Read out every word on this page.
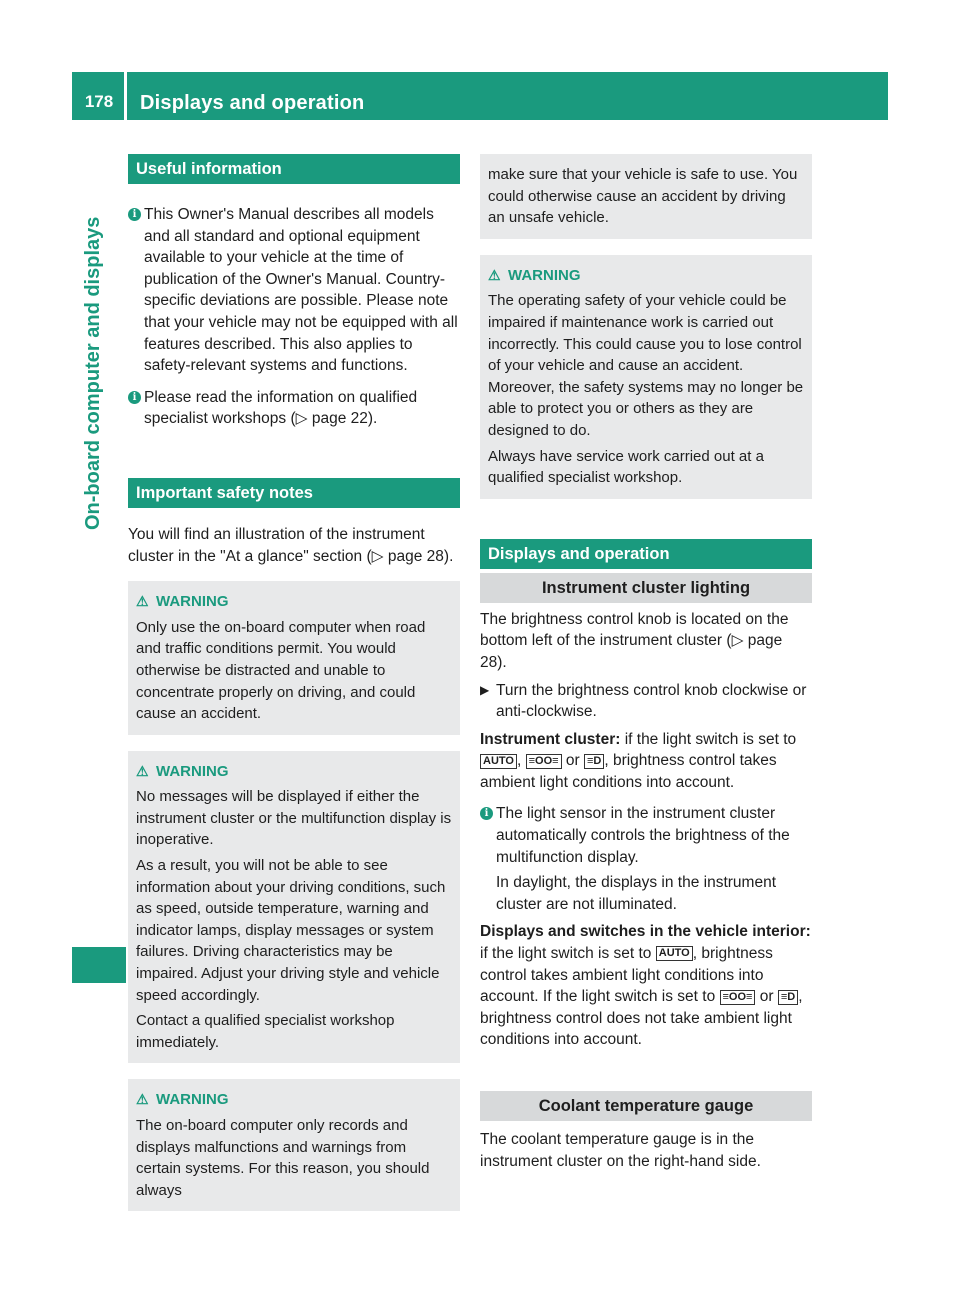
178	Displays and operation
On-board computer and displays
Useful information
i This Owner's Manual describes all models and all standard and optional equipment available to your vehicle at the time of publication of the Owner's Manual. Country-specific deviations are possible. Please note that your vehicle may not be equipped with all features described. This also applies to safety-relevant systems and functions.
i Please read the information on qualified specialist workshops (▷ page 22).
Important safety notes

You will find an illustration of the instrument cluster in the "At a glance" section (▷ page 28).

⚠ WARNING

Only use the on-board computer when road and traffic conditions permit. You would otherwise be distracted and unable to concentrate properly on driving, and could cause an accident.

⚠ WARNING

No messages will be displayed if either the instrument cluster or the multifunction display is inoperative.

As a result, you will not be able to see information about your driving conditions, such as speed, outside temperature, warning and indicator lamps, display messages or system failures. Driving characteristics may be impaired. Adjust your driving style and vehicle speed accordingly.

Contact a qualified specialist workshop immediately.

⚠ WARNING

The on-board computer only records and displays malfunctions and warnings from certain systems. For this reason, you should always

make sure that your vehicle is safe to use. You could otherwise cause an accident by driving an unsafe vehicle.

⚠ WARNING

The operating safety of your vehicle could be impaired if maintenance work is carried out incorrectly. This could cause you to lose control of your vehicle and cause an accident. Moreover, the safety systems may no longer be able to protect you or others as they are designed to do.

Always have service work carried out at a qualified specialist workshop.

Displays and operation
Instrument cluster lighting

The brightness control knob is located on the bottom left of the instrument cluster (▷ page 28).

▶ Turn the brightness control knob clockwise or anti-clockwise.

Instrument cluster: if the light switch is set to AUTO , ≡OO≡ or ≡D , brightness control takes ambient light conditions into account.

i The light sensor in the instrument cluster automatically controls the brightness of the multifunction display.
In daylight, the displays in the instrument cluster are not illuminated.

Displays and switches in the vehicle interior: if the light switch is set to AUTO , brightness control takes ambient light conditions into account. If the light switch is set to ≡OO≡ or ≡D , brightness control does not take ambient light conditions into account.

Coolant temperature gauge

The coolant temperature gauge is in the instrument cluster on the right-hand side.
